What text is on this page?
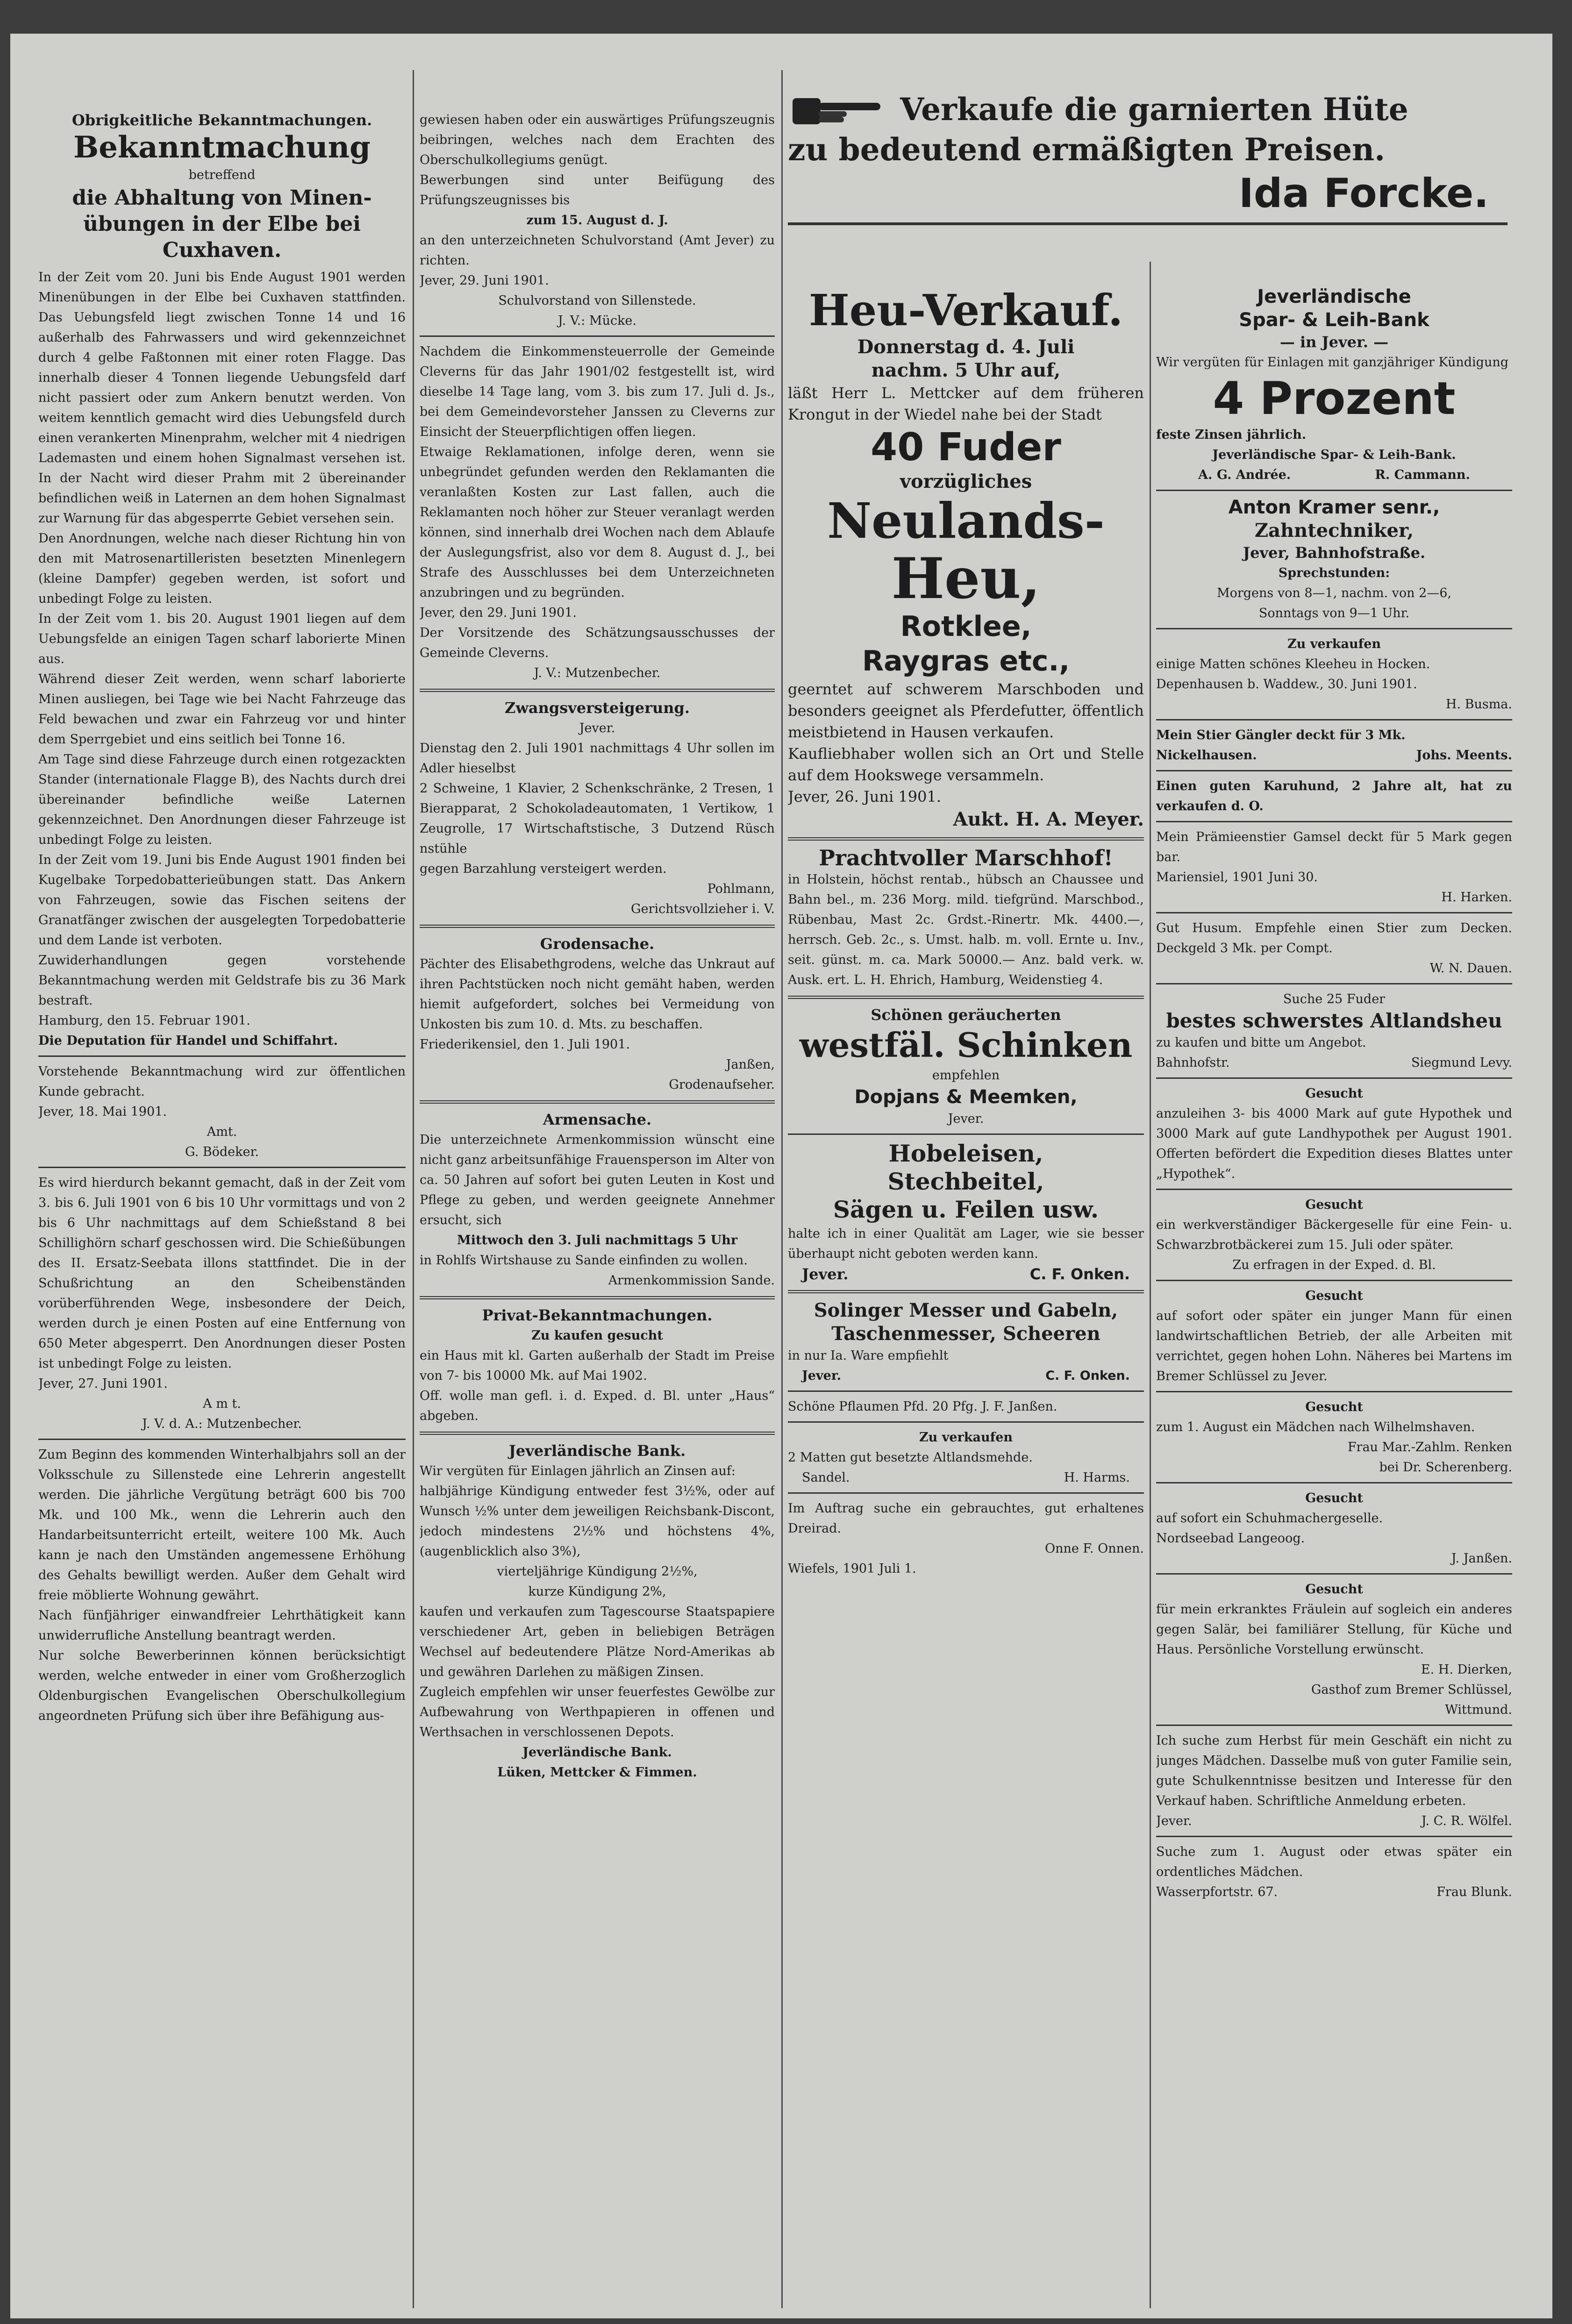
Verkaufe die garnierten Hüte
zu bedeutend ermäßigten Preisen.
Ida Forcke.

Obrigkeitliche Bekanntmachungen.

Bekanntmachung

betreffend

die Abhaltung von Minen-übungen in der Elbe bei Cuxhaven.

In der Zeit vom 20. Juni bis Ende August 1901 werden Minenübungen in der Elbe bei Cuxhaven stattfinden. Das Uebungsfeld liegt zwischen Tonne 14 und 16 außerhalb des Fahrwassers und wird gekennzeichnet durch 4 gelbe Faßtonnen mit einer roten Flagge. Das innerhalb dieser 4 Tonnen liegende Uebungsfeld darf nicht passiert oder zum Ankern benutzt werden. Von weitem kenntlich gemacht wird dies Uebungsfeld durch einen verankerten Minenprahm, welcher mit 4 niedrigen Lademasten und einem hohen Signalmast versehen ist. In der Nacht wird dieser Prahm mit 2 übereinander befindlichen weiß in Laternen an dem hohen Signalmast zur Warnung für das abgesperrte Gebiet versehen sein.

Den Anordnungen, welche nach dieser Richtung hin von den mit Matrosenartilleristen besetzten Minenlegern (kleine Dampfer) gegeben werden, ist sofort und unbedingt Folge zu leisten.

In der Zeit vom 1. bis 20. August 1901 liegen auf dem Uebungsfelde an einigen Tagen scharf laborierte Minen aus.

Während dieser Zeit werden, wenn scharf laborierte Minen ausliegen, bei Tage wie bei Nacht Fahrzeuge das Feld bewachen und zwar ein Fahrzeug vor und hinter dem Sperrgebiet und eins seitlich bei Tonne 16.

Am Tage sind diese Fahrzeuge durch einen rotgezackten Stander (internationale Flagge B), des Nachts durch drei übereinander befindliche weiße Laternen gekennzeichnet. Den Anordnungen dieser Fahrzeuge ist unbedingt Folge zu leisten.

In der Zeit vom 19. Juni bis Ende August 1901 finden bei Kugelbake Torpedobatterieübungen statt. Das Ankern von Fahrzeugen, sowie das Fischen seitens der Granatfänger zwischen der ausgelegten Torpedobatterie und dem Lande ist verboten.

Zuwiderhandlungen gegen vorstehende Bekanntmachung werden mit Geldstrafe bis zu 36 Mark bestraft.

Hamburg, den 15. Februar 1901.

Die Deputation für Handel und Schiffahrt.

Vorstehende Bekanntmachung wird zur öffentlichen Kunde gebracht.

Jever, 18. Mai 1901.

Amt.

G. Bödeker.

Es wird hierdurch bekannt gemacht, daß in der Zeit vom 3. bis 6. Juli 1901 von 6 bis 10 Uhr vormittags und von 2 bis 6 Uhr nachmittags auf dem Schießstand 8 bei Schillighörn scharf geschossen wird. Die Schießübungen des II. Ersatz-Seebata illons stattfindet. Die in der Schußrichtung an den Scheibenständen vorüberführenden Wege, insbesondere der Deich, werden durch je einen Posten auf eine Entfernung von 650 Meter abgesperrt. Den Anordnungen dieser Posten ist unbedingt Folge zu leisten.

Jever, 27. Juni 1901.

A m t.

J. V. d. A.: Mutzenbecher.

Zum Beginn des kommenden Winterhalbjahrs soll an der Volksschule zu Sillenstede eine Lehrerin angestellt werden. Die jährliche Vergütung beträgt 600 bis 700 Mk. und 100 Mk., wenn die Lehrerin auch den Handarbeitsunterricht erteilt, weitere 100 Mk. Auch kann je nach den Umständen angemessene Erhöhung des Gehalts bewilligt werden. Außer dem Gehalt wird freie möblierte Wohnung gewährt.

Nach fünfjähriger einwandfreier Lehrthätigkeit kann unwiderrufliche Anstellung beantragt werden.

Nur solche Bewerberinnen können berücksichtigt werden, welche entweder in einer vom Großherzoglich Oldenburgischen Evangelischen Oberschulkollegium angeordneten Prüfung sich über ihre Befähigung aus-

gewiesen haben oder ein auswärtiges Prüfungszeugnis beibringen, welches nach dem Erachten des Oberschulkollegiums genügt.

Bewerbungen sind unter Beifügung des Prüfungszeugnisses bis

zum 15. August d. J.

an den unterzeichneten Schulvorstand (Amt Jever) zu richten.

Jever, 29. Juni 1901.

Schulvorstand von Sillenstede.

J. V.: Mücke.

Nachdem die Einkommensteuerrolle der Gemeinde Cleverns für das Jahr 1901/02 festgestellt ist, wird dieselbe 14 Tage lang, vom 3. bis zum 17. Juli d. Js., bei dem Gemeindevorsteher Janssen zu Cleverns zur Einsicht der Steuerpflichtigen offen liegen.

Etwaige Reklamationen, infolge deren, wenn sie unbegründet gefunden werden den Reklamanten die veranlaßten Kosten zur Last fallen, auch die Reklamanten noch höher zur Steuer veranlagt werden können, sind innerhalb drei Wochen nach dem Ablaufe der Auslegungsfrist, also vor dem 8. August d. J., bei Strafe des Ausschlusses bei dem Unterzeichneten anzubringen und zu begründen.

Jever, den 29. Juni 1901.

Der Vorsitzende des Schätzungsausschusses der Gemeinde Cleverns.

J. V.: Mutzenbecher.

Zwangsversteigerung.

Jever.

Dienstag den 2. Juli 1901 nachmittags 4 Uhr sollen im Adler hieselbst

2 Schweine, 1 Klavier, 2 Schenkschränke, 2 Tresen, 1 Bierapparat, 2 Schokoladeautomaten, 1 Vertikow, 1 Zeugrolle, 17 Wirtschaftstische, 3 Dutzend Rüsch nstühle

gegen Barzahlung versteigert werden.

Pohlmann,

Gerichtsvollzieher i. V.

Grodensache.

Pächter des Elisabethgrodens, welche das Unkraut auf ihren Pachtstücken noch nicht gemäht haben, werden hiemit aufgefordert, solches bei Vermeidung von Unkosten bis zum 10. d. Mts. zu beschaffen.

Friederikensiel, den 1. Juli 1901.

Janßen,

Grodenaufseher.

Armensache.

Die unterzeichnete Armenkommission wünscht eine nicht ganz arbeitsunfähige Frauensperson im Alter von ca. 50 Jahren auf sofort bei guten Leuten in Kost und Pflege zu geben, und werden geeignete Annehmer ersucht, sich

Mittwoch den 3. Juli nachmittags 5 Uhr

in Rohlfs Wirtshause zu Sande einfinden zu wollen.

Armenkommission Sande.

Privat-Bekanntmachungen.

Zu kaufen gesucht

ein Haus mit kl. Garten außerhalb der Stadt im Preise von 7- bis 10000 Mk. auf Mai 1902.

Off. wolle man gefl. i. d. Exped. d. Bl. unter „Haus“ abgeben.

Jeverländische Bank.

Wir vergüten für Einlagen jährlich an Zinsen auf:

halbjährige Kündigung entweder fest 3½%, oder auf Wunsch ½% unter dem jeweiligen Reichsbank-Discont, jedoch mindestens 2½% und höchstens 4%, (augenblicklich also 3%),

vierteljährige Kündigung 2½%,

kurze Kündigung 2%,

kaufen und verkaufen zum Tagescourse Staatspapiere verschiedener Art, geben in beliebigen Beträgen Wechsel auf bedeutendere Plätze Nord-Amerikas ab und gewähren Darlehen zu mäßigen Zinsen.

Zugleich empfehlen wir unser feuerfestes Gewölbe zur Aufbewahrung von Werthpapieren in offenen und Werthsachen in verschlossenen Depots.

Jeverländische Bank.

Lüken, Mettcker & Fimmen.

Heu-Verkauf.

Donnerstag d. 4. Juli

nachm. 5 Uhr auf,

läßt Herr L. Mettcker auf dem früheren Krongut in der Wiedel nahe bei der Stadt

40 Fuder

vorzügliches

Neulands-

Heu,

Rotklee,

Raygras etc.,

geerntet auf schwerem Marschboden und besonders geeignet als Pferdefutter, öffentlich meistbietend in Hausen verkaufen.

Kaufliebhaber wollen sich an Ort und Stelle auf dem Hookswege versammeln.

Jever, 26. Juni 1901.

Aukt. H. A. Meyer.

Prachtvoller Marschhof!

in Holstein, höchst rentab., hübsch an Chaussee und Bahn bel., m. 236 Morg. mild. tiefgründ. Marschbod., Rübenbau, Mast 2c. Grdst.-Rinertr. Mk. 4400.—, herrsch. Geb. 2c., s. Umst. halb. m. voll. Ernte u. Inv., seit. günst. m. ca. Mark 50000.— Anz. bald verk. w. Ausk. ert. L. H. Ehrich, Hamburg, Weidenstieg 4.

Schönen geräucherten

westfäl. Schinken

empfehlen

Dopjans & Meemken,

Jever.

Hobeleisen,

Stechbeitel,

Sägen u. Feilen usw.

halte ich in einer Qualität am Lager, wie sie besser überhaupt nicht geboten werden kann.

Jever.	C. F. Onken.

Solinger Messer und Gabeln,

Taschenmesser, Scheeren

in nur Ia. Ware empfiehlt

Jever.	C. F. Onken.

Schöne Pflaumen Pfd. 20 Pfg. J. F. Janßen.

Zu verkaufen

2 Matten gut besetzte Altlandsmehde.

Sandel.	H. Harms.

Im Auftrag suche ein gebrauchtes, gut erhaltenes Dreirad.

Onne F. Onnen.

Wiefels, 1901 Juli 1.

Jeverländische

Spar- & Leih-Bank

— in Jever. —

Wir vergüten für Einlagen mit ganzjähriger Kündigung

4 Prozent

feste Zinsen jährlich.

Jeverländische Spar- & Leih-Bank.

A. G. Andrée.	R. Cammann.

Anton Kramer senr.,

Zahntechniker,

Jever, Bahnhofstraße.

Sprechstunden:

Morgens von 8—1, nachm. von 2—6,

Sonntags von 9—1 Uhr.

Zu verkaufen

einige Matten schönes Kleeheu in Hocken.

Depenhausen b. Waddew., 30. Juni 1901.

H. Busma.

Mein Stier Gängler deckt für 3 Mk.

Nickelhausen.	Johs. Meents.

Einen guten Karuhund, 2 Jahre alt, hat zu verkaufen d. O.

Mein Prämieenstier Gamsel deckt für 5 Mark gegen bar.

Mariensiel, 1901 Juni 30.

H. Harken.

Gut Husum. Empfehle einen Stier zum Decken. Deckgeld 3 Mk. per Compt.

W. N. Dauen.

Suche 25 Fuder

bestes schwerstes Altlandsheu

zu kaufen und bitte um Angebot.

Bahnhofstr.	Siegmund Levy.

Gesucht

anzuleihen 3- bis 4000 Mark auf gute Hypothek und 3000 Mark auf gute Landhypothek per August 1901. Offerten befördert die Expedition dieses Blattes unter „Hypothek“.

Gesucht

ein werkverständiger Bäckergeselle für eine Fein- u. Schwarzbrotbäckerei zum 15. Juli oder später.

Zu erfragen in der Exped. d. Bl.

Gesucht

auf sofort oder später ein junger Mann für einen landwirtschaftlichen Betrieb, der alle Arbeiten mit verrichtet, gegen hohen Lohn. Näheres bei Martens im Bremer Schlüssel zu Jever.

Gesucht

zum 1. August ein Mädchen nach Wilhelmshaven.

Frau Mar.-Zahlm. Renken

bei Dr. Scherenberg.

Gesucht

auf sofort ein Schuhmachergeselle.

Nordseebad Langeoog.

J. Janßen.

Gesucht

für mein erkranktes Fräulein auf sogleich ein anderes gegen Salär, bei familiärer Stellung, für Küche und Haus. Persönliche Vorstellung erwünscht.

E. H. Dierken,

Gasthof zum Bremer Schlüssel,

Wittmund.

Ich suche zum Herbst für mein Geschäft ein nicht zu junges Mädchen. Dasselbe muß von guter Familie sein, gute Schulkenntnisse besitzen und Interesse für den Verkauf haben. Schriftliche Anmeldung erbeten.

Jever.	J. C. R. Wölfel.

Suche zum 1. August oder etwas später ein ordentliches Mädchen.

Wasserpfortstr. 67.	Frau Blunk.
